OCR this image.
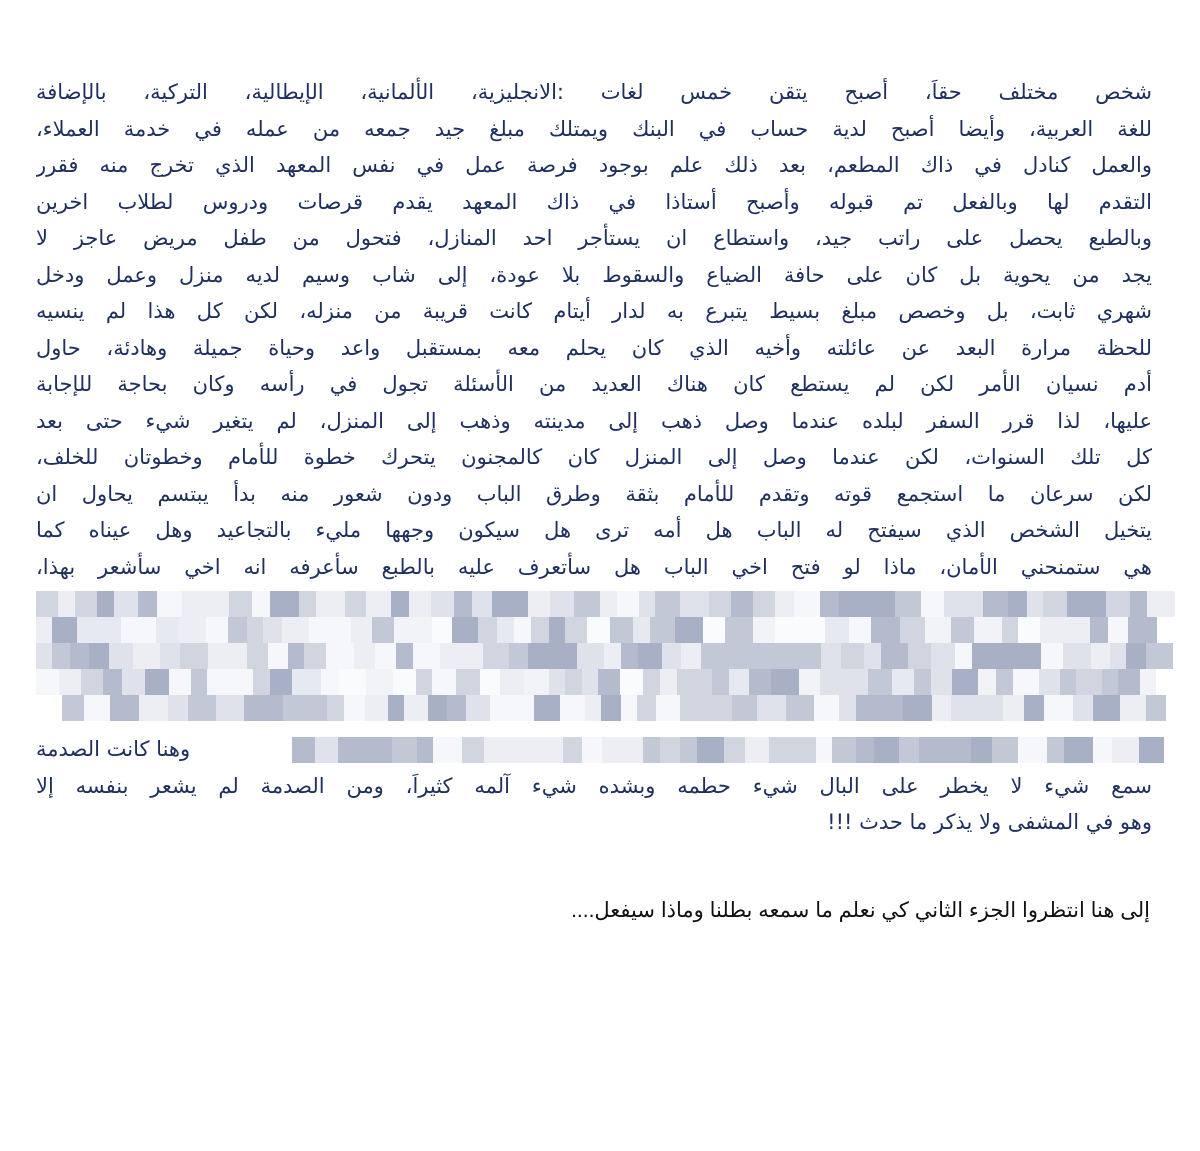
شخص مختلف حقاَ، أصبح يتقن خمس لغات :الانجليزية، الألمانية، الإيطالية، التركية، بالإضافة
للغة العربية، وأيضا أصبح لدية حساب في البنك ويمتلك مبلغ جيد جمعه من عمله في خدمة العملاء،
والعمل كنادل في ذاك المطعم، بعد ذلك علم بوجود فرصة عمل في نفس المعهد الذي تخرج منه فقرر
التقدم لها وبالفعل تم قبوله وأصبح أستاذا في ذاك المعهد يقدم قرصات ودروس لطلاب اخرين
وبالطبع يحصل على راتب جيد، واستطاع ان يستأجر احد المنازل، فتحول من طفل مريض عاجز لا
يجد من يحوية بل كان على حافة الضياع والسقوط بلا عودة، إلى شاب وسيم لديه منزل وعمل ودخل
شهري ثابت، بل وخصص مبلغ بسيط يتبرع به لدار أيتام كانت قريبة من منزله، لكن كل هذا لم ينسيه
للحظة مرارة البعد عن عائلته وأخيه الذي كان يحلم معه بمستقبل واعد وحياة جميلة وهادئة، حاول
أدم نسيان الأمر لكن لم يستطع كان هناك العديد من الأسئلة تجول في رأسه وكان بحاجة للإجابة
عليها، لذا قرر السفر لبلده عندما وصل ذهب إلى مدينته وذهب إلى المنزل، لم يتغير شيء حتى بعد
كل تلك السنوات، لكن عندما وصل إلى المنزل كان كالمجنون يتحرك خطوة للأمام وخطوتان للخلف،
لكن سرعان ما استجمع قوته وتقدم للأمام بثقة وطرق الباب ودون شعور منه بدأ يبتسم يحاول ان
يتخيل الشخص الذي سيفتح له الباب هل أمه ترى هل سيكون وجهها مليء بالتجاعيد وهل عيناه كما
هي ستمنحني الأمان، ماذا لو فتح اخي الباب هل سأتعرف عليه بالطبع سأعرفه انه اخي سأشعر بهذا،
وهنا كانت الصدمة
سمع شيء لا يخطر على البال شيء حطمه وبشده شيء آلمه كثيراَ، ومن الصدمة لم يشعر بنفسه إلا
وهو في المشفى ولا يذكر ما حدث !!!
إلى هنا انتظروا الجزء الثاني كي نعلم ما سمعه بطلنا وماذا سيفعل....
